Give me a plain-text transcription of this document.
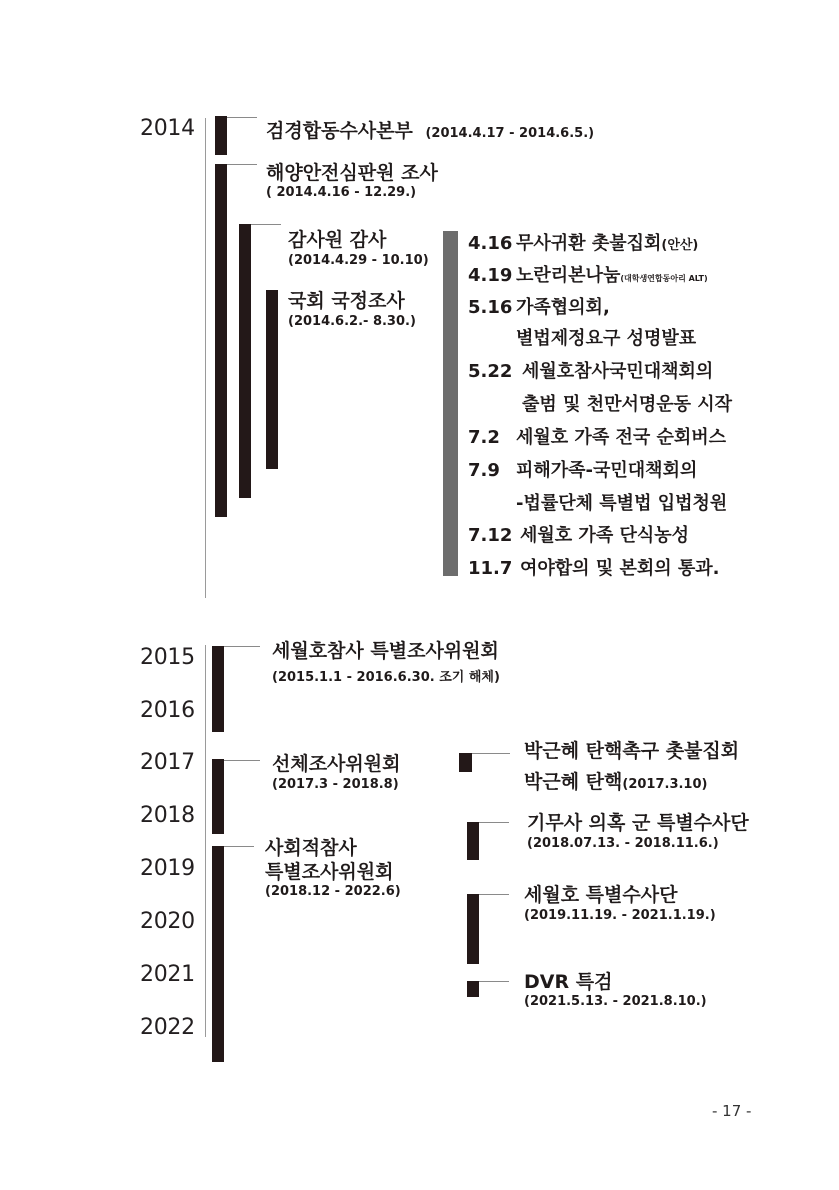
2014
2015
2016
2017
2018
2019
2020
2021
2022
검경합동수사본부 (2014.4.17 - 2014.6.5.)
해양안전심판원 조사
( 2014.4.16 - 12.29.)
감사원 감사
(2014.4.29 - 10.10)
국회 국정조사
(2014.6.2.- 8.30.)
4.16 무사귀환 촛불집회(안산)
4.19 노란리본나눔(대학생연합동아리 ALT)
5.16 가족협의회,
별법제정요구 성명발표
5.22 세월호참사국민대책회의
출범 및 천만서명운동 시작
7.2 세월호 가족 전국 순회버스
7.9 피해가족-국민대책회의
-법률단체 특별법 입법청원
7.12 세월호 가족 단식농성
11.7 여야합의 및 본회의 통과.
세월호참사 특별조사위원회
(2015.1.1 - 2016.6.30. 조기 해체)
선체조사위원회
(2017.3 - 2018.8)
사회적참사
특별조사위원회
(2018.12 - 2022.6)
박근혜 탄핵촉구 촛불집회
박근혜 탄핵(2017.3.10)
기무사 의혹 군 특별수사단
(2018.07.13. - 2018.11.6.)
세월호 특별수사단
(2019.11.19. - 2021.1.19.)
DVR 특검
(2021.5.13. - 2021.8.10.)
- 17 -
